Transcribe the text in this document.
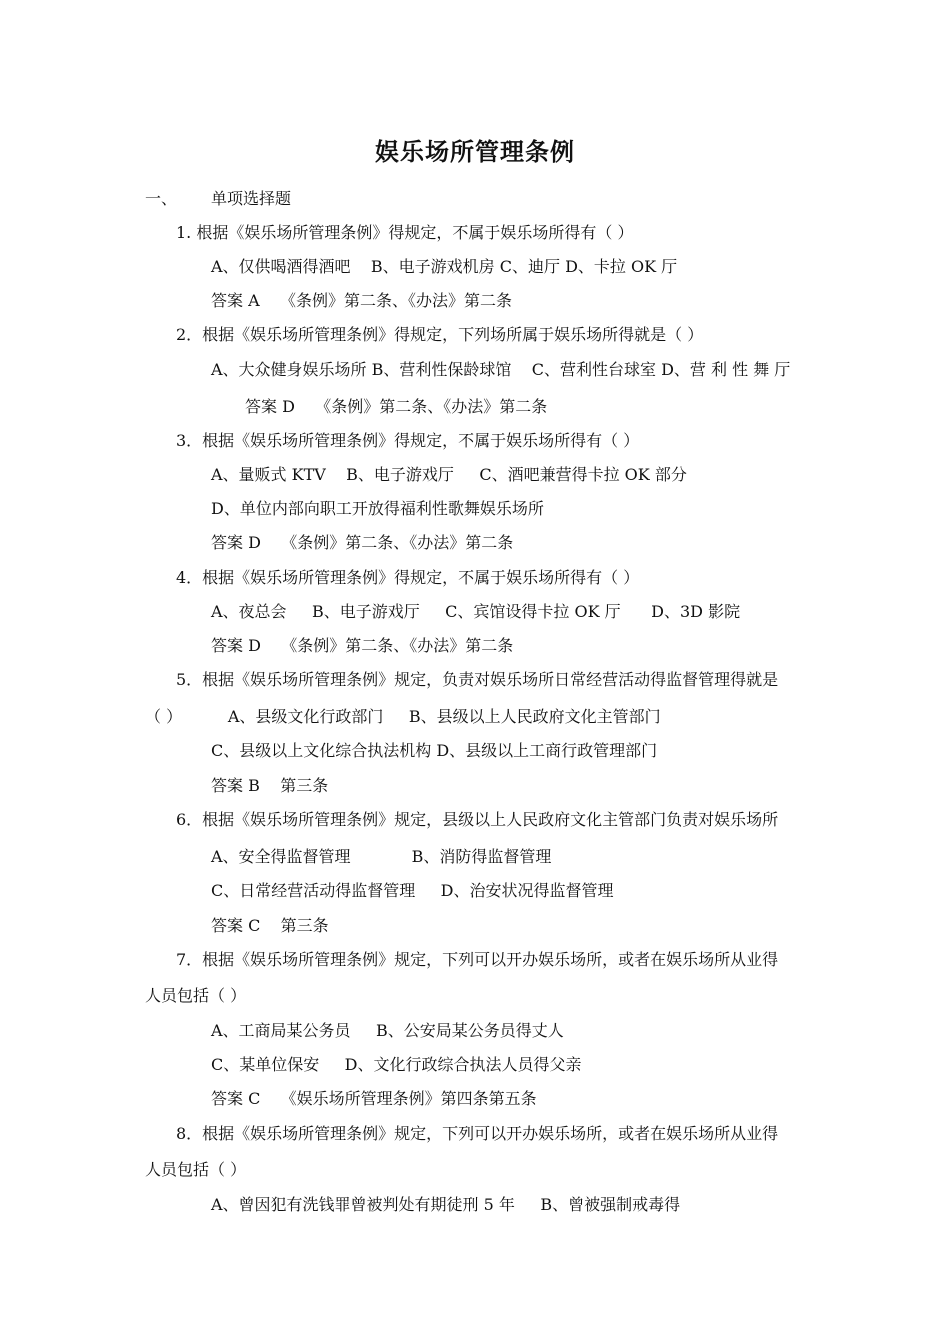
娱乐场所管理条例
一、 单项选择题
1. 根据《娱乐场所管理条例》得规定，不属于娱乐场所得有（ ）
A、仅供喝酒得酒吧    B、电子游戏机房 C、迪厅 D、卡拉 OK 厅
答案 A    《条例》第二条、《办法》第二条
2．根据《娱乐场所管理条例》得规定，下列场所属于娱乐场所得就是（ ）
A、大众健身娱乐场所 B、营利性保龄球馆    C、营利性台球室 D、营 利 性 舞 厅
答案 D    《条例》第二条、《办法》第二条
3．根据《娱乐场所管理条例》得规定，不属于娱乐场所得有（ ）
A、量贩式 KTV    B、电子游戏厅     C、酒吧兼营得卡拉 OK 部分
D、单位内部向职工开放得福利性歌舞娱乐场所
答案 D    《条例》第二条、《办法》第二条
4．根据《娱乐场所管理条例》得规定，不属于娱乐场所得有（ ）
A、夜总会     B、电子游戏厅     C、宾馆设得卡拉 OK 厅      D、3D 影院
答案 D    《条例》第二条、《办法》第二条
5．根据《娱乐场所管理条例》规定，负责对娱乐场所日常经营活动得监督管理得就是
（ ）         A、县级文化行政部门     B、县级以上人民政府文化主管部门
C、县级以上文化综合执法机构 D、县级以上工商行政管理部门
答案 B    第三条
6．根据《娱乐场所管理条例》规定，县级以上人民政府文化主管部门负责对娱乐场所
A、安全得监督管理            B、消防得监督管理
C、日常经营活动得监督管理     D、治安状况得监督管理
答案 C    第三条
7．根据《娱乐场所管理条例》规定，下列可以开办娱乐场所，或者在娱乐场所从业得
人员包括（ ）
A、工商局某公务员     B、公安局某公务员得丈人
C、某单位保安     D、文化行政综合执法人员得父亲
答案 C    《娱乐场所管理条例》第四条第五条
8．根据《娱乐场所管理条例》规定，下列可以开办娱乐场所，或者在娱乐场所从业得
人员包括（ ）
A、曾因犯有洗钱罪曾被判处有期徒刑 5 年     B、曾被强制戒毒得
